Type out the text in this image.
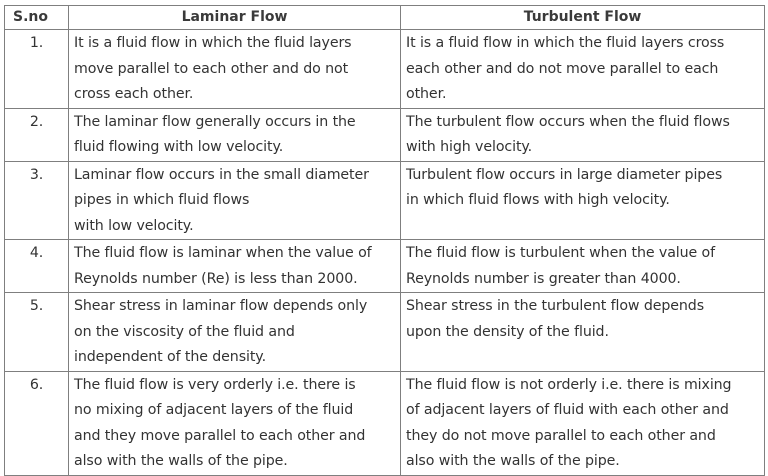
S.no	Laminar Flow	Turbulent Flow
1.	It is a fluid flow in which the fluid layers
move parallel to each other and do not
cross each other.	It is a fluid flow in which the fluid layers cross
each other and do not move parallel to each
other.
2.	The laminar flow generally occurs in the
fluid flowing with low velocity.	The turbulent flow occurs when the fluid flows
with high velocity.
3.	Laminar flow occurs in the small diameter
pipes in which fluid flows
with low velocity.	Turbulent flow occurs in large diameter pipes
in which fluid flows with high velocity.
4.	The fluid flow is laminar when the value of
Reynolds number (Re) is less than 2000.	The fluid flow is turbulent when the value of
Reynolds number is greater than 4000.
5.	Shear stress in laminar flow depends only
on the viscosity of the fluid and
independent of the density.	Shear stress in the turbulent flow depends
upon the density of the fluid.
6.	The fluid flow is very orderly i.e. there is
no mixing of adjacent layers of the fluid
and they move parallel to each other and
also with the walls of the pipe.	The fluid flow is not orderly i.e. there is mixing
of adjacent layers of fluid with each other and
they do not move parallel to each other and
also with the walls of the pipe.
